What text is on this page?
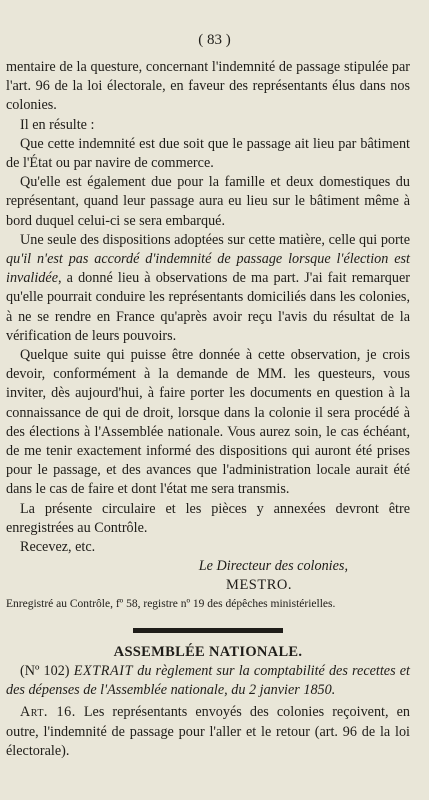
( 83 )

mentaire de la questure, concernant l'indemnité de passage stipulée par l'art. 96 de la loi électorale, en faveur des représentants élus dans nos colonies.

Il en résulte :

Que cette indemnité est due soit que le passage ait lieu par bâtiment de l'État ou par navire de commerce.

Qu'elle est également due pour la famille et deux domestiques du représentant, quand leur passage aura eu lieu sur le bâtiment même à bord duquel celui-ci se sera embarqué.

Une seule des dispositions adoptées sur cette matière, celle qui porte qu'il n'est pas accordé d'indemnité de passage lorsque l'élection est invalidée, a donné lieu à observations de ma part. J'ai fait remarquer qu'elle pourrait conduire les représentants domiciliés dans les colonies, à ne se rendre en France qu'après avoir reçu l'avis du résultat de la vérification de leurs pouvoirs.

Quelque suite qui puisse être donnée à cette observation, je crois devoir, conformément à la demande de MM. les questeurs, vous inviter, dès aujourd'hui, à faire porter les documents en question à la connaissance de qui de droit, lorsque dans la colonie il sera procédé à des élections à l'Assemblée nationale. Vous aurez soin, le cas échéant, de me tenir exactement informé des dispositions qui auront été prises pour le passage, et des avances que l'administration locale aurait été dans le cas de faire et dont l'état me sera transmis.

La présente circulaire et les pièces y annexées devront être enregistrées au Contrôle.

Recevez, etc.

Le Directeur des colonies,

MESTRO.

Enregistré au Contrôle, fº 58, registre nº 19 des dépêches ministérielles.

ASSEMBLÉE NATIONALE.

(Nº 102) EXTRAIT du règlement sur la comptabilité des recettes et des dépenses de l'Assemblée nationale, du 2 janvier 1850.

Art. 16. Les représentants envoyés des colonies reçoivent, en outre, l'indemnité de passage pour l'aller et le retour (art. 96 de la loi électorale).
